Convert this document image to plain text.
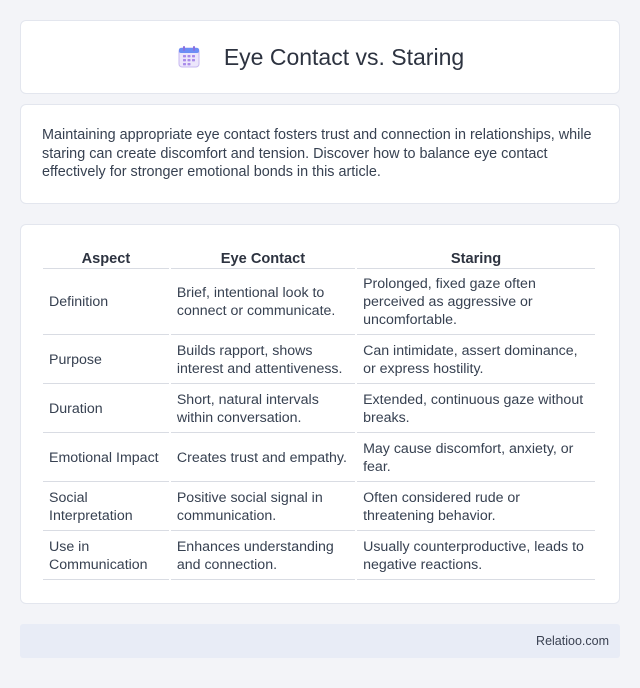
Eye Contact vs. Staring

Maintaining appropriate eye contact fosters trust and connection in relationships, while staring can create discomfort and tension. Discover how to balance eye contact effectively for stronger emotional bonds in this article.

Aspect	Eye Contact	Staring
Definition	Brief, intentional look to connect or communicate.	Prolonged, fixed gaze often perceived as aggressive or uncomfortable.
Purpose	Builds rapport, shows interest and attentiveness.	Can intimidate, assert dominance, or express hostility.
Duration	Short, natural intervals within conversation.	Extended, continuous gaze without breaks.
Emotional Impact	Creates trust and empathy.	May cause discomfort, anxiety, or fear.
Social Interpretation	Positive social signal in communication.	Often considered rude or threatening behavior.
Use in Communication	Enhances understanding and connection.	Usually counterproductive, leads to negative reactions.
Relatioo.com
